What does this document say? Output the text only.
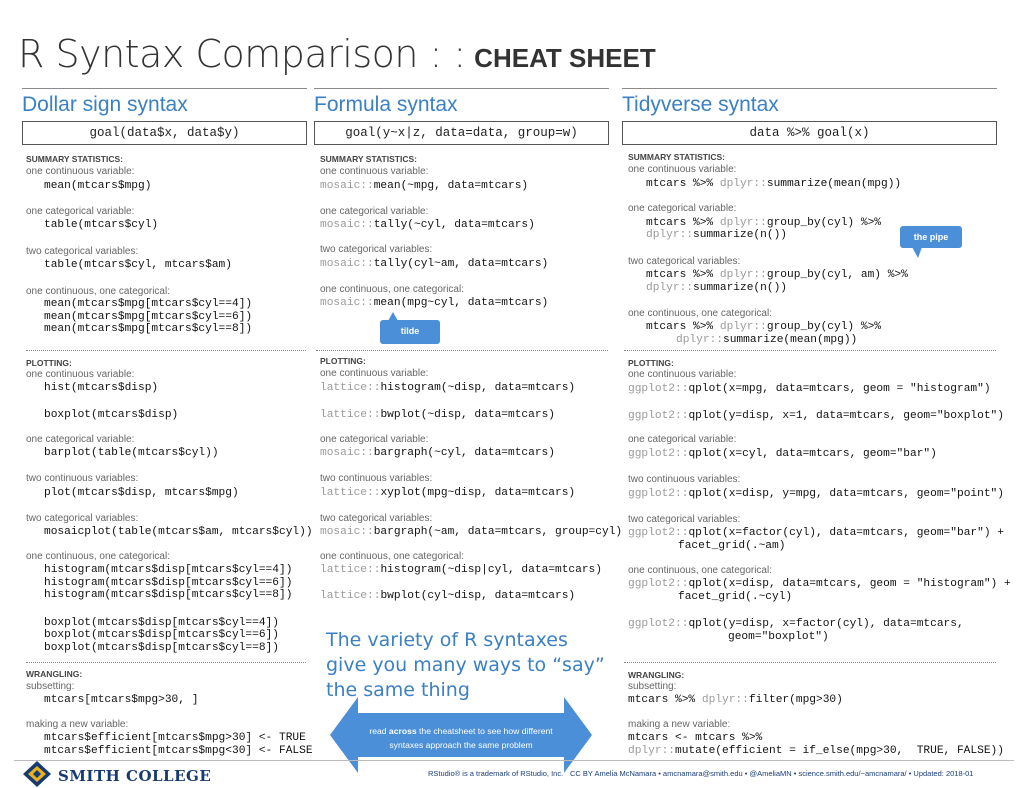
R Syntax Comparison : : CHEAT SHEET
Dollar sign syntax
goal(data$x, data$y)
Formula syntax
goal(y~x|z, data=data, group=w)
Tidyverse syntax
data %>% goal(x)
SUMMARY STATISTICS:
one continuous variable:
mean(mtcars$mpg)
one categorical variable:
table(mtcars$cyl)
two categorical variables:
table(mtcars$cyl, mtcars$am)
one continuous, one categorical:
mean(mtcars$mpg[mtcars$cyl==4])
mean(mtcars$mpg[mtcars$cyl==6])
mean(mtcars$mpg[mtcars$cyl==8])
PLOTTING:
one continuous variable:
hist(mtcars$disp)
boxplot(mtcars$disp)
one categorical variable:
barplot(table(mtcars$cyl))
two continuous variables:
plot(mtcars$disp, mtcars$mpg)
two categorical variables:
mosaicplot(table(mtcars$am, mtcars$cyl))
one continuous, one categorical:
histogram(mtcars$disp[mtcars$cyl==4])
histogram(mtcars$disp[mtcars$cyl==6])
histogram(mtcars$disp[mtcars$cyl==8])
boxplot(mtcars$disp[mtcars$cyl==4])
boxplot(mtcars$disp[mtcars$cyl==6])
boxplot(mtcars$disp[mtcars$cyl==8])
WRANGLING:
subsetting:
mtcars[mtcars$mpg>30, ]
making a new variable:
mtcars$efficient[mtcars$mpg>30] <- TRUE
mtcars$efficient[mtcars$mpg<30] <- FALSE
SUMMARY STATISTICS:
one continuous variable:
mosaic::mean(~mpg, data=mtcars)
one categorical variable:
mosaic::tally(~cyl, data=mtcars)
two categorical variables:
mosaic::tally(cyl~am, data=mtcars)
one continuous, one categorical:
mosaic::mean(mpg~cyl, data=mtcars)
PLOTTING:
one continuous variable:
lattice::histogram(~disp, data=mtcars)
lattice::bwplot(~disp, data=mtcars)
one categorical variable:
mosaic::bargraph(~cyl, data=mtcars)
two continuous variables:
lattice::xyplot(mpg~disp, data=mtcars)
two categorical variables:
mosaic::bargraph(~am, data=mtcars, group=cyl)
one continuous, one categorical:
lattice::histogram(~disp|cyl, data=mtcars)
lattice::bwplot(cyl~disp, data=mtcars)
tilde
The variety of R syntaxes give you many ways to “say” the same thing
read across the cheatsheet to see how different
syntaxes approach the same problem
SUMMARY STATISTICS:
one continuous variable:
mtcars %>% dplyr::summarize(mean(mpg))
one categorical variable:
mtcars %>% dplyr::group_by(cyl) %>%
dplyr::summarize(n())
two categorical variables:
mtcars %>% dplyr::group_by(cyl, am) %>%
dplyr::summarize(n())
the pipe
one continuous, one categorical:
mtcars %>% dplyr::group_by(cyl) %>%
dplyr::summarize(mean(mpg))
PLOTTING:
one continuous variable:
ggplot2::qplot(x=mpg, data=mtcars, geom = "histogram")
ggplot2::qplot(y=disp, x=1, data=mtcars, geom="boxplot")
one categorical variable:
ggplot2::qplot(x=cyl, data=mtcars, geom="bar")
two continuous variables:
ggplot2::qplot(x=disp, y=mpg, data=mtcars, geom="point")
two categorical variables:
ggplot2::qplot(x=factor(cyl), data=mtcars, geom="bar") +
facet_grid(.~am)
one continuous, one categorical:
ggplot2::qplot(x=disp, data=mtcars, geom = "histogram") +
facet_grid(.~cyl)
ggplot2::qplot(y=disp, x=factor(cyl), data=mtcars,
geom="boxplot")
WRANGLING:
subsetting:
mtcars %>% dplyr::filter(mpg>30)
making a new variable:
mtcars <- mtcars %>%
dplyr::mutate(efficient = if_else(mpg>30,  TRUE, FALSE))
SMITH COLLEGE	RStudio® is a trademark of RStudio, Inc. CC BY Amelia McNamara • amcnamara@smith.edu • @AmeliaMN • science.smith.edu/~amcnamara/ • Updated: 2018-01
